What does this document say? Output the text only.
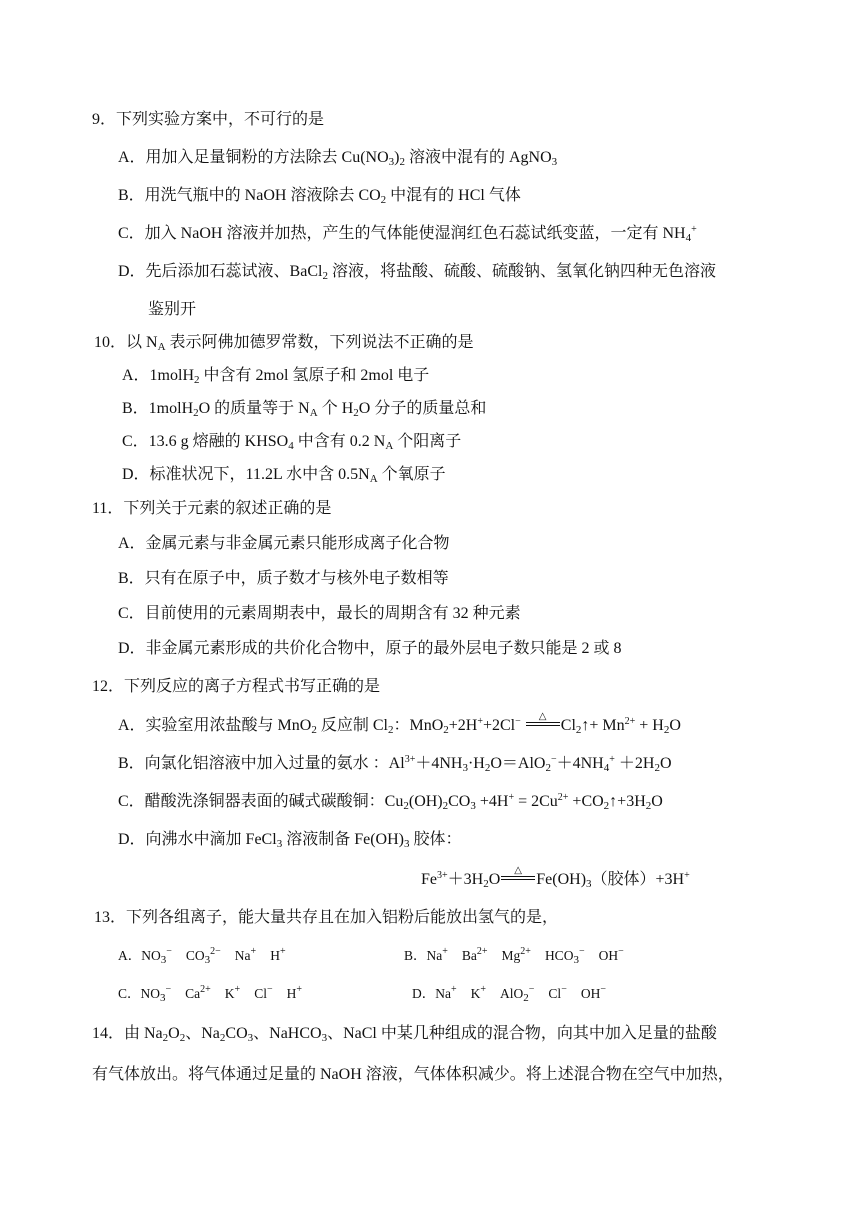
9．下列实验方案中，不可行的是
A．用加入足量铜粉的方法除去 $Cu(NO_3)_2$ 溶液中混有的 AgNO$_3$
B．用洗气瓶中的 NaOH 溶液除去 $CO_2$ 中混有的 HCl 气体
C．加入 NaOH 溶液并加热，产生的气体能使湿润红色石蕊试纸变蓝，一定有 $NH_4^+$
D．先后添加石蕊试液、BaCl$_2$ 溶液，将盐酸、硫酸、硫酸钠、氢氧化钠四种无色溶液
鉴别开
10．以 $N_A$ 表示阿佛加德罗常数，下列说法不正确的是
A．1molH$_2$ 中含有 2mol 氢原子和 2mol 电子
B．1molH$_2$O 的质量等于 $N_A$ 个 $H_2O$ 分子的质量总和
C．13.6 g 熔融的 $KHSO_4$ 中含有 0.2 $N_A$ 个阳离子
D．标准状况下，11.2L 水中含 $0.5N_A$ 个氧原子
11．下列关于元素的叙述正确的是
A．金属元素与非金属元素只能形成离子化合物
B．只有在原子中，质子数才与核外电子数相等
C．目前使用的元素周期表中，最长的周期含有 32 种元素
D．非金属元素形成的共价化合物中，原子的最外层电子数只能是 2 或 8
12．下列反应的离子方程式书写正确的是
A．实验室用浓盐酸与 MnO$_2$ 反应制 $Cl_2$：MnO$_2$+2H++2Cl− △
$Cl_2↑+ Mn^{2+} + H_2O$
B．向氯化铝溶液中加入过量的氨水 ：$Al^{3+}+4NH_3\cdot H_2O=AlO_2^-+4NH_4^+ +2H_2O$
C．醋酸洗涤铜器表面的碱式碳酸铜：$Cu_2(OH)_2CO_3 +4H^+ = 2Cu^{2+}$ $+CO_2↑+3H_2O$
D．向沸水中滴加 FeCl$_3$ 溶液制备 $Fe(OH)_3$ 胶体：
$Fe^{3+}+3H_2O$
△
$Fe(OH)_3$（胶体）+3H+
13．下列各组离子，能大量共存且在加入铝粉后能放出氢气的是，
A．$NO_3^-$ $CO_3^{2-}$ Na+ H+	B．Na+ $Ba^{2+}$ $Mg^{2+}$ $HCO_3^-$ OH−
C．$NO_3^-$ $Ca^{2+}$ K+ Cl− H+	D．Na+ K+ AlO$_2$− Cl− OH−
14．由 $Na_2O_2$、$Na_2CO_3$、NaHCO$_3$、NaCl 中某几种组成的混合物，向其中加入足量的盐酸
有气体放出。将气体通过足量的 NaOH 溶液，气体体积减少。将上述混合物在空气中加热，
